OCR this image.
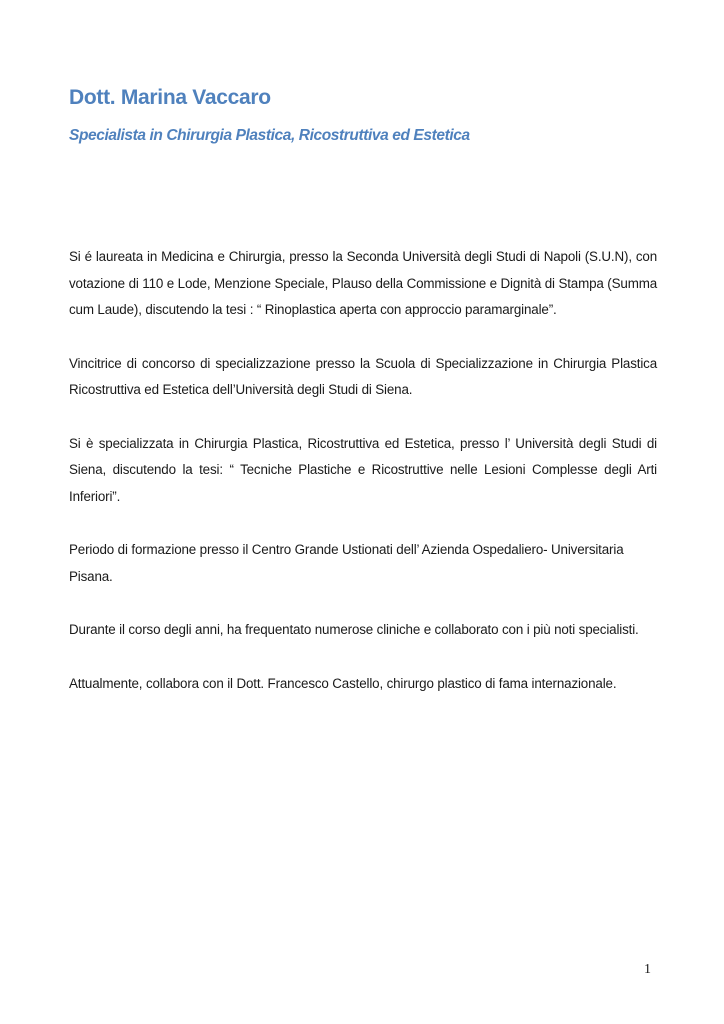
Dott. Marina Vaccaro
Specialista in Chirurgia Plastica, Ricostruttiva ed Estetica

Si é laureata in Medicina e Chirurgia, presso la Seconda Università degli Studi di Napoli (S.U.N), con votazione di 110 e Lode, Menzione Speciale, Plauso della Commissione e Dignità di Stampa (Summa cum Laude), discutendo la tesi : “ Rinoplastica aperta con approccio paramarginale”.

Vincitrice di concorso di specializzazione presso la Scuola di Specializzazione in Chirurgia Plastica Ricostruttiva ed Estetica dell’Università degli Studi di Siena.

Si è specializzata in Chirurgia Plastica, Ricostruttiva ed Estetica, presso l’ Università degli Studi di Siena, discutendo la tesi: “ Tecniche Plastiche e Ricostruttive nelle Lesioni Complesse degli Arti Inferiori”.

Periodo di formazione presso il Centro Grande Ustionati dell’ Azienda Ospedaliero- Universitaria Pisana.

Durante il corso degli anni, ha frequentato numerose cliniche e collaborato con i più noti specialisti.

Attualmente, collabora con il Dott. Francesco Castello, chirurgo plastico di fama internazionale.

1
